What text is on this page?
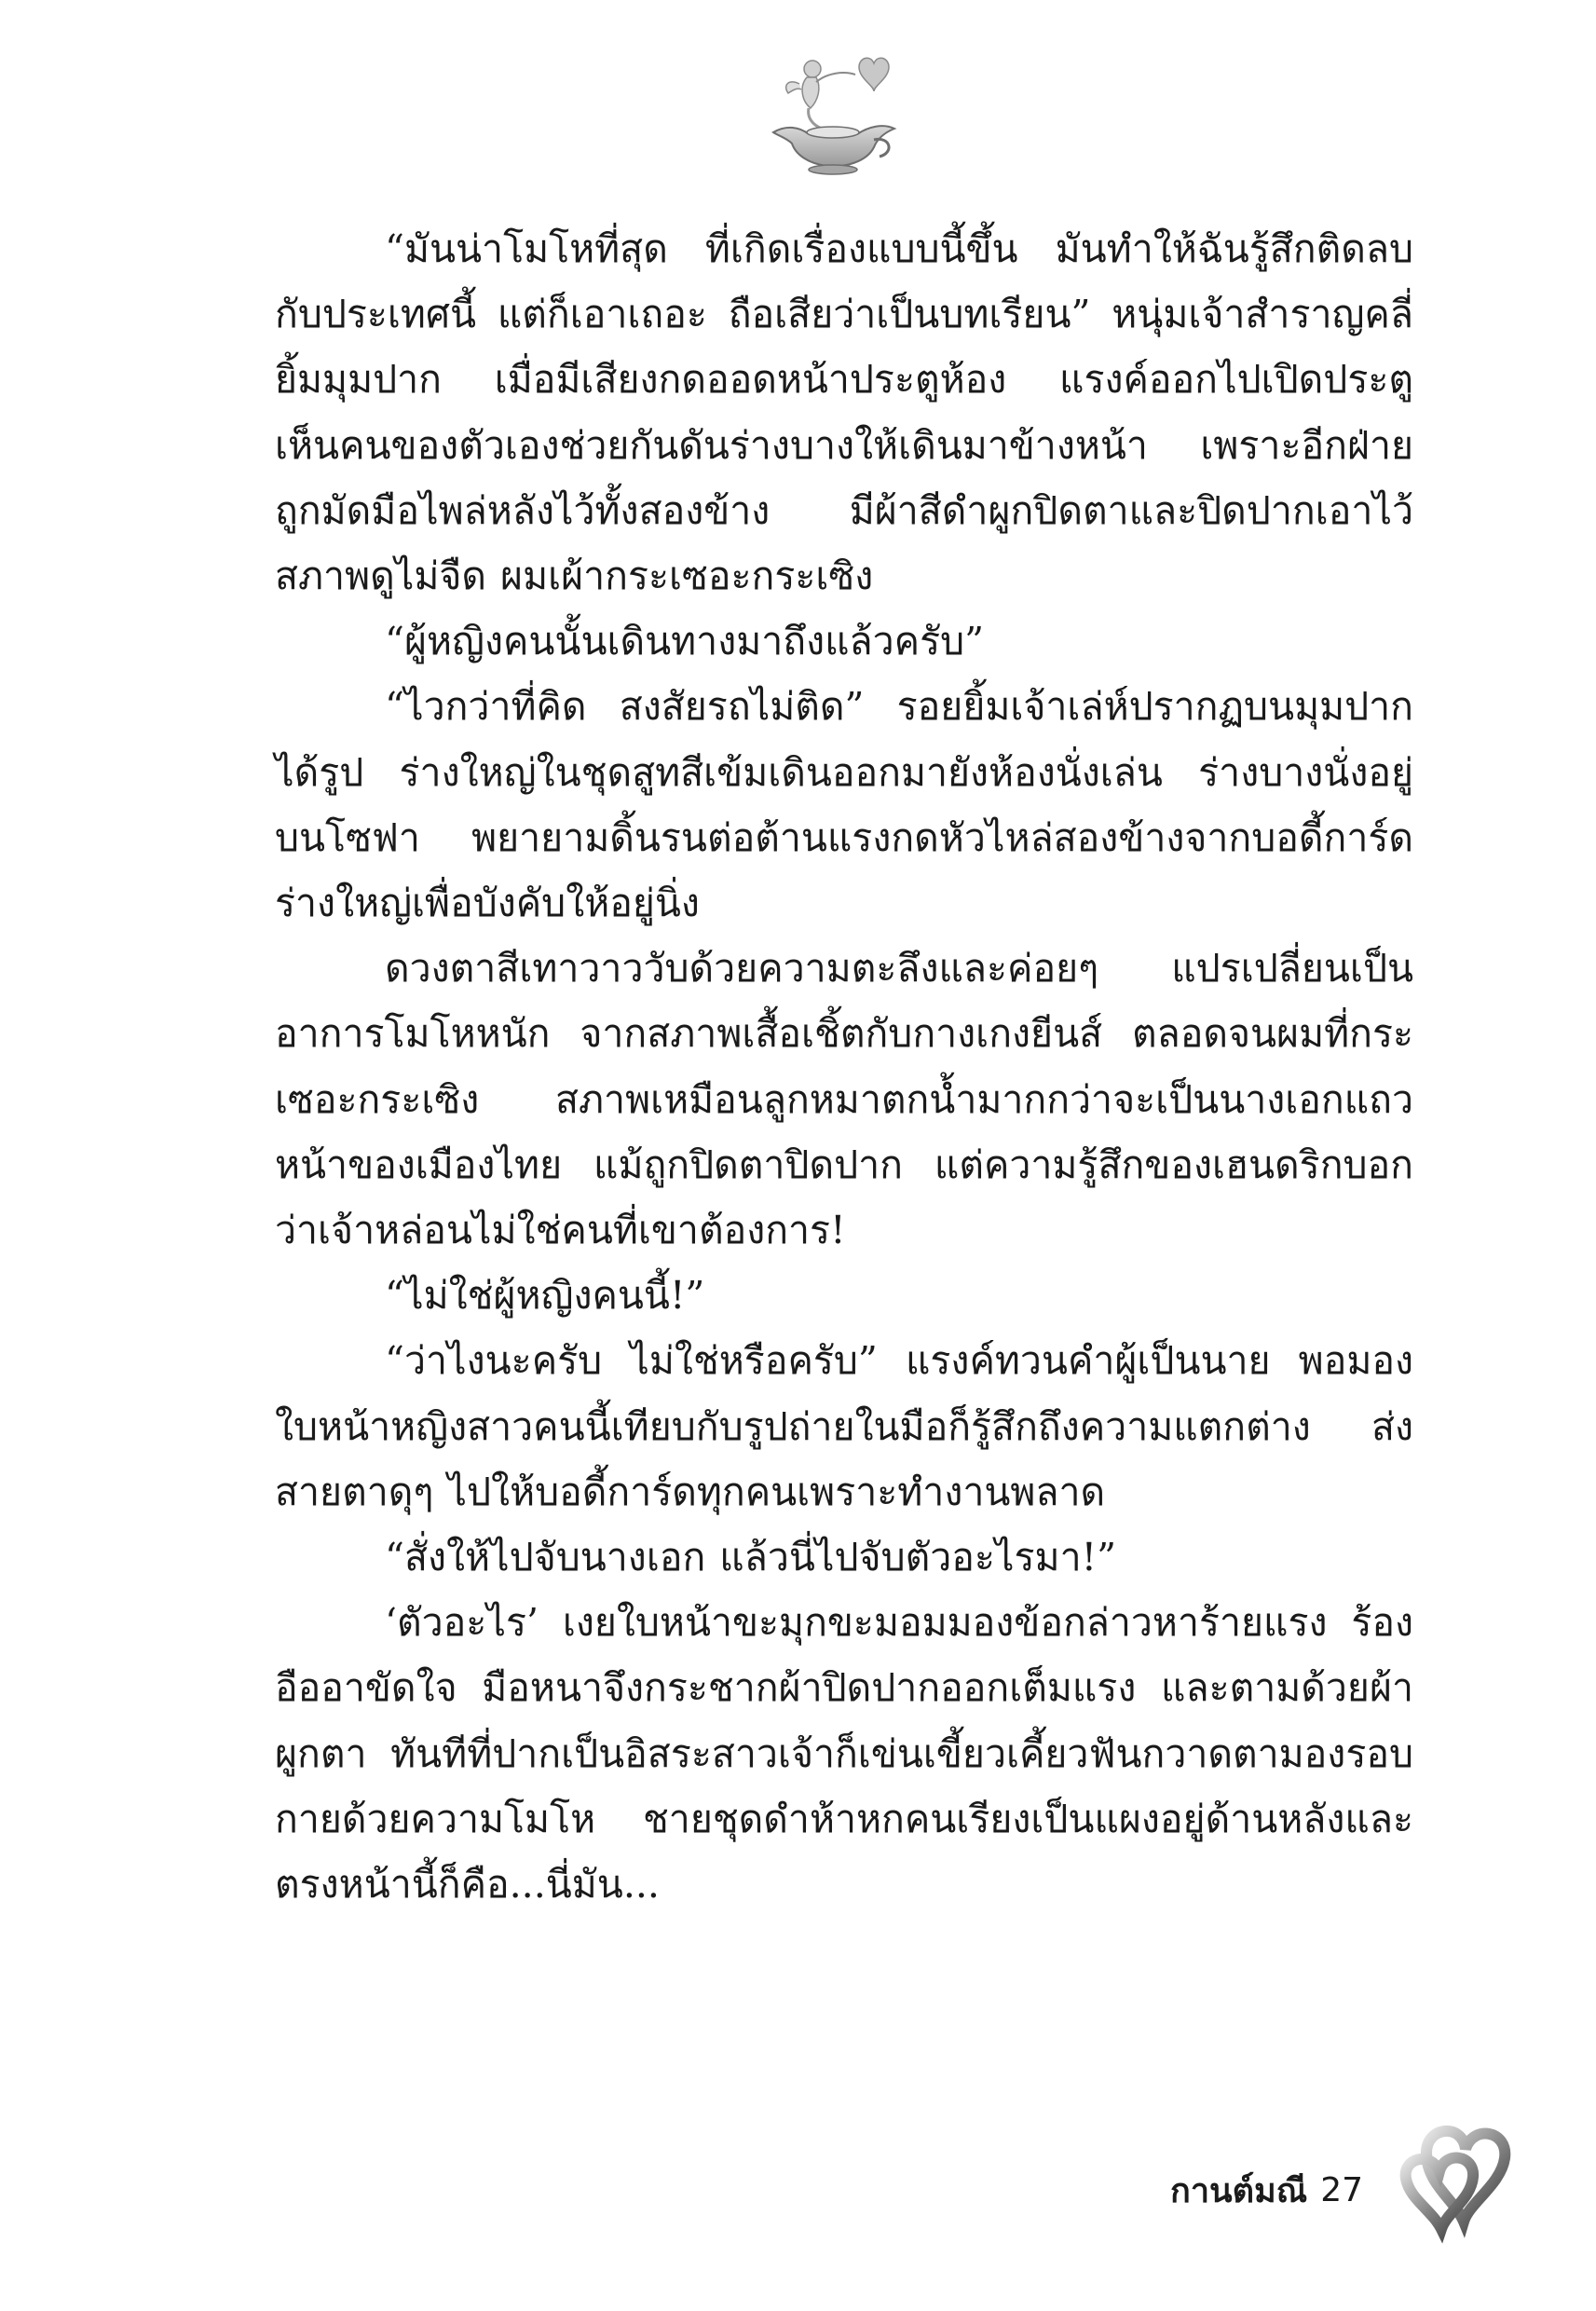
“มันน่าโมโหที่สุด ที่เกิดเรื่องแบบนี้ขึ้น มันทำให้ฉันรู้สึกติดลบกับประเทศนี้ แต่ก็เอาเถอะ ถือเสียว่าเป็นบทเรียน” หนุ่มเจ้าสำราญคลี่ยิ้มมุมปาก เมื่อมีเสียงกดออดหน้าประตูห้อง แรงค์ออกไปเปิดประตู เห็นคนของตัวเองช่วยกันดันร่างบางให้เดินมาข้างหน้า เพราะอีกฝ่ายถูกมัดมือไพล่หลังไว้ทั้งสองข้าง มีผ้าสีดำผูกปิดตาและปิดปากเอาไว้ สภาพดูไม่จืด ผมเผ้ากระเซอะกระเซิง

“ผู้หญิงคนนั้นเดินทางมาถึงแล้วครับ”

“ไวกว่าที่คิด สงสัยรถไม่ติด” รอยยิ้มเจ้าเล่ห์ปรากฏบนมุมปากได้รูป ร่างใหญ่ในชุดสูทสีเข้มเดินออกมายังห้องนั่งเล่น ร่างบางนั่งอยู่บนโซฟา พยายามดิ้นรนต่อต้านแรงกดหัวไหล่สองข้างจากบอดี้การ์ดร่างใหญ่เพื่อบังคับให้อยู่นิ่ง

ดวงตาสีเทาวาววับด้วยความตะลึงและค่อยๆ แปรเปลี่ยนเป็นอาการโมโหหนัก จากสภาพเสื้อเชิ้ตกับกางเกงยีนส์ ตลอดจนผมที่กระเซอะกระเซิง สภาพเหมือนลูกหมาตกน้ำมากกว่าจะเป็นนางเอกแถวหน้าของเมืองไทย แม้ถูกปิดตาปิดปาก แต่ความรู้สึกของเฮนดริกบอกว่าเจ้าหล่อนไม่ใช่คนที่เขาต้องการ!

“ไม่ใช่ผู้หญิงคนนี้!”

“ว่าไงนะครับ ไม่ใช่หรือครับ” แรงค์ทวนคำผู้เป็นนาย พอมองใบหน้าหญิงสาวคนนี้เทียบกับรูปถ่ายในมือก็รู้สึกถึงความแตกต่าง ส่งสายตาดุๆ ไปให้บอดี้การ์ดทุกคนเพราะทำงานพลาด

“สั่งให้ไปจับนางเอก แล้วนี่ไปจับตัวอะไรมา!”

‘ตัวอะไร’ เงยใบหน้าขะมุกขะมอมมองข้อกล่าวหาร้ายแรง ร้องอืออาขัดใจ มือหนาจึงกระชากผ้าปิดปากออกเต็มแรง และตามด้วยผ้าผูกตา ทันทีที่ปากเป็นอิสระสาวเจ้าก็เข่นเขี้ยวเคี้ยวฟันกวาดตามองรอบกายด้วยความโมโห ชายชุดดำห้าหกคนเรียงเป็นแผงอยู่ด้านหลังและตรงหน้านี้ก็คือ...นี่มัน...

กานต์มณี 27
